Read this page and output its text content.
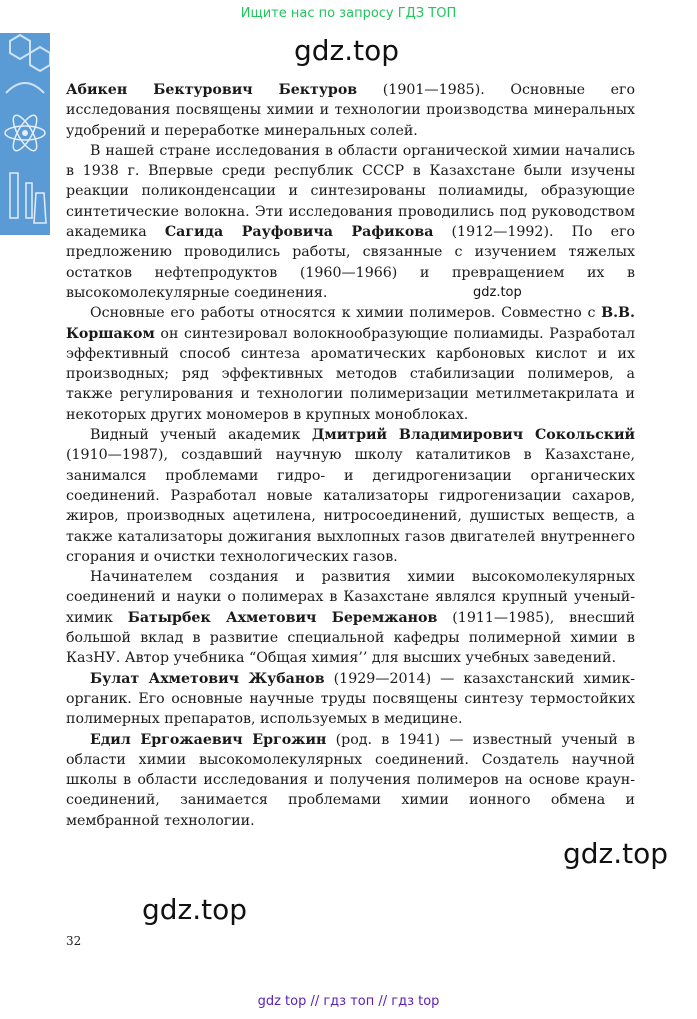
Ищите нас по запросу ГДЗ ТОП
gdz.top
gdz.top

Абикен Бектурович Бектуров (1901—1985). Основные его исследования посвящены химии и технологии производства минеральных удобрений и переработке минеральных солей.

В нашей стране исследования в области органической химии начались в 1938 г. Впервые среди республик СССР в Казахстане были изучены реакции поликонденсации и синтезированы полиамиды, образующие синтетические волокна. Эти исследования проводились под руководством академика Сагида Рауфовича Рафикова (1912—1992). По его предложению проводились работы, связанные с изучением тяжелых остатков нефтепродуктов (1960—1966) и превращением их в высокомолекулярные соединения.

Основные его работы относятся к химии полимеров. Совместно с В.В. Коршаком он синтезировал волокнообразующие полиамиды. Разработал эффективный способ синтеза ароматических карбоновых кислот и их производных; ряд эффективных методов стабилизации полимеров, а также регулирования и технологии полимеризации метилметакрилата и некоторых других мономеров в крупных моноблоках.

Видный ученый академик Дмитрий Владимирович Сокольский (1910—1987), создавший научную школу каталитиков в Казахстане, занимался проблемами гидро- и дегидрогенизации органических соединений. Разработал новые катализаторы гидрогенизации сахаров, жиров, производных ацетилена, нитросоединений, душистых веществ, а также катализаторы дожигания выхлопных газов двигателей внутреннего сгорания и очистки технологических газов.

Начинателем создания и развития химии высокомолекулярных соединений и науки о полимерах в Казахстане являлся крупный ученый-химик Батырбек Ахметович Беремжанов (1911—1985), внесший большой вклад в развитие специальной кафедры полимерной химии в КазНУ. Автор учебника “Общая химия’’ для высших учебных заведений.

Булат Ахметович Жубанов (1929—2014) — казахстанский химик-органик. Его основные научные труды посвящены синтезу термостойких полимерных препаратов, используемых в медицине.

Едил Ергожаевич Ергожин (род. в 1941) — известный ученый в области химии высокомолекулярных соединений. Создатель научной школы в области исследования и получения полимеров на основе краун-соединений, занимается проблемами химии ионного обмена и мембранной технологии.

gdz.top
gdz.top
32
gdz top // гдз топ // гдз top
